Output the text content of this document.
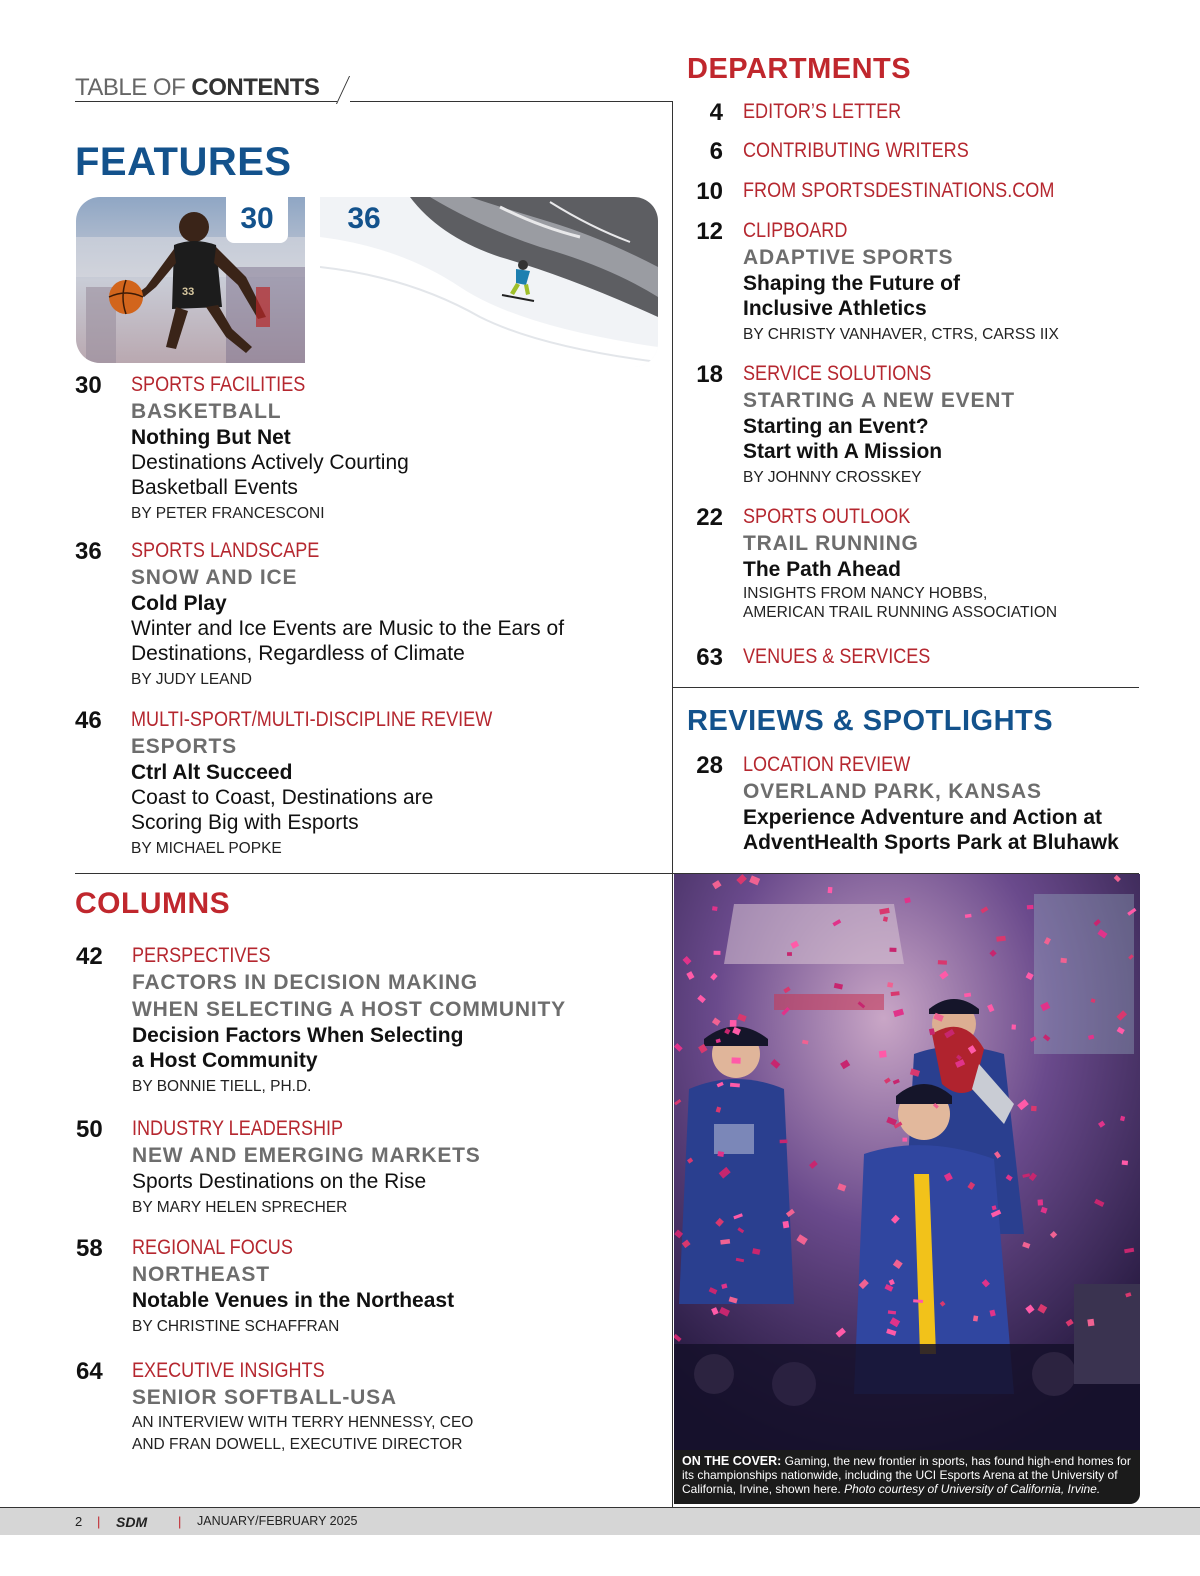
TABLE OF CONTENTS
FEATURES
33
30	36
30 SPORTS FACILITIES
BASKETBALL
Nothing But Net
Destinations Actively Courting
Basketball Events
BY PETER FRANCESCONI
36 SPORTS LANDSCAPE
SNOW AND ICE
Cold Play
Winter and Ice Events are Music to the Ears of
Destinations, Regardless of Climate
BY JUDY LEAND
46 MULTI-SPORT/MULTI-DISCIPLINE REVIEW
ESPORTS
Ctrl Alt Succeed
Coast to Coast, Destinations are
Scoring Big with Esports
BY MICHAEL POPKE
COLUMNS
42 PERSPECTIVES
FACTORS IN DECISION MAKING
WHEN SELECTING A HOST COMMUNITY
Decision Factors When Selecting
a Host Community
BY BONNIE TIELL, PH.D.
50 INDUSTRY LEADERSHIP
NEW AND EMERGING MARKETS
Sports Destinations on the Rise
BY MARY HELEN SPRECHER
58 REGIONAL FOCUS
NORTHEAST
Notable Venues in the Northeast
BY CHRISTINE SCHAFFRAN
64 EXECUTIVE INSIGHTS
SENIOR SOFTBALL-USA
AN INTERVIEW WITH TERRY HENNESSY, CEO
AND FRAN DOWELL, EXECUTIVE DIRECTOR
DEPARTMENTS
4 EDITOR’S LETTER
6 CONTRIBUTING WRITERS
10 FROM SPORTSDESTINATIONS.COM
12 CLIPBOARD
ADAPTIVE SPORTS
Shaping the Future of
Inclusive Athletics
BY CHRISTY VANHAVER, CTRS, CARSS IIX
18 SERVICE SOLUTIONS
STARTING A NEW EVENT
Starting an Event?
Start with A Mission
BY JOHNNY CROSSKEY
22 SPORTS OUTLOOK
TRAIL RUNNING
The Path Ahead
INSIGHTS FROM NANCY HOBBS,
AMERICAN TRAIL RUNNING ASSOCIATION
63 VENUES & SERVICES
REVIEWS & SPOTLIGHTS
28 LOCATION REVIEW
OVERLAND PARK, KANSAS
Experience Adventure and Action at
AdventHealth Sports Park at Bluhawk
ON THE COVER: Gaming, the new frontier in sports, has found high-end homes for its championships nationwide, including the UCI Esports Arena at the University of California, Irvine, shown here. Photo courtesy of University of California, Irvine.
2 | SDM | JANUARY/FEBRUARY 2025
